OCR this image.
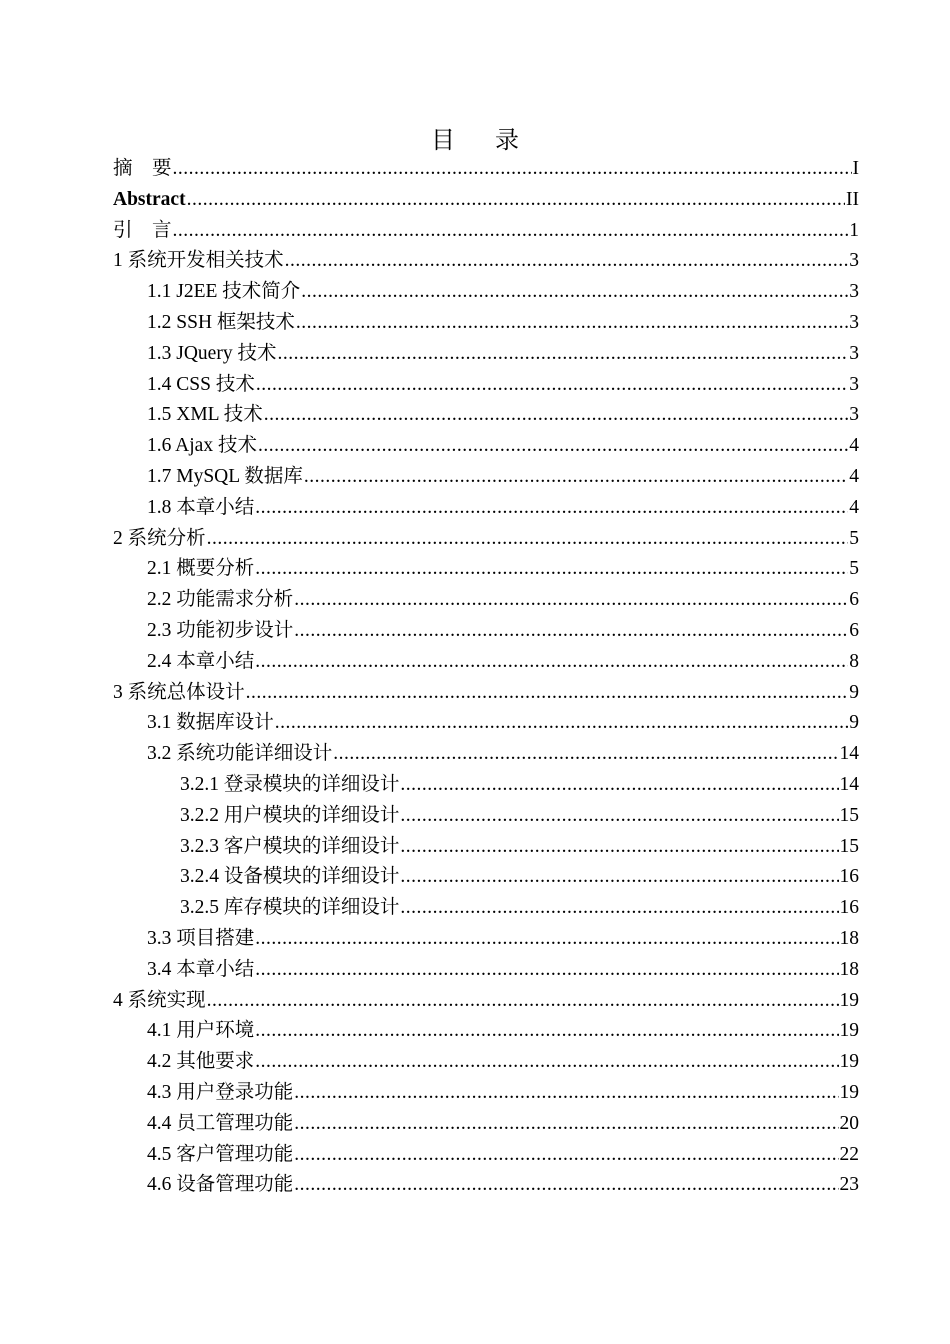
目 录
摘　要 .....	I
Abstract .....	II
引　言 .....	1
1 系统开发相关技术 .....	3
1.1 J2EE 技术简介 .....	3
1.2 SSH 框架技术 .....	3
1.3 JQuery 技术 .....	3
1.4 CSS 技术 .....	3
1.5 XML 技术 .....	3
1.6 Ajax 技术 .....	4
1.7 MySQL 数据库 .....	4
1.8 本章小结 .....	4
2 系统分析 .....	5
2.1 概要分析 .....	5
2.2 功能需求分析 .....	6
2.3 功能初步设计 .....	6
2.4 本章小结 .....	8
3 系统总体设计 .....	9
3.1 数据库设计 .....	9
3.2 系统功能详细设计 .....	14
3.2.1 登录模块的详细设计 .....	14
3.2.2 用户模块的详细设计 .....	15
3.2.3 客户模块的详细设计 .....	15
3.2.4 设备模块的详细设计 .....	16
3.2.5 库存模块的详细设计 .....	16
3.3 项目搭建 .....	18
3.4 本章小结 .....	18
4 系统实现 .....	19
4.1 用户环境 .....	19
4.2 其他要求 .....	19
4.3 用户登录功能 .....	19
4.4 员工管理功能 .....	20
4.5 客户管理功能 .....	22
4.6 设备管理功能 .....	23
